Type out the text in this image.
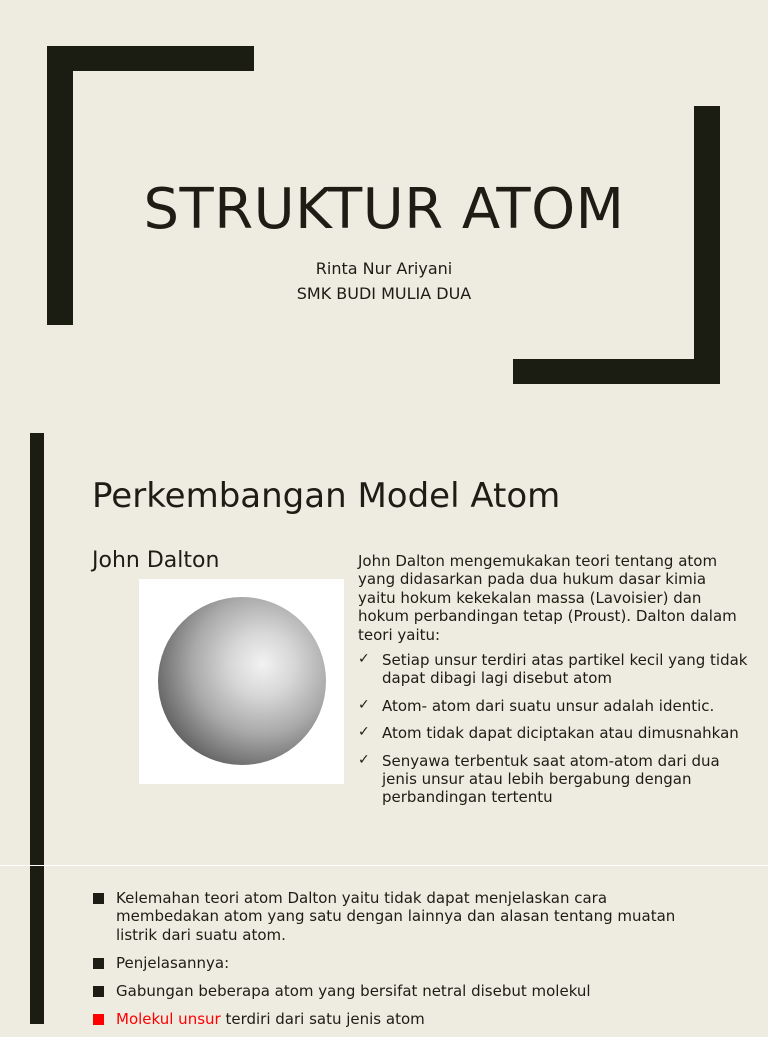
STRUKTUR ATOM
Rinta Nur Ariyani
SMK BUDI MULIA DUA
Perkembangan Model Atom
John Dalton	John Dalton mengemukakan teori tentang atom yang didasarkan pada dua hukum dasar kimia yaitu hokum kekekalan massa (Lavoisier) dan hokum perbandingan tetap (Proust). Dalton dalam teori yaitu:

✓ Setiap unsur terdiri atas partikel kecil yang tidak dapat dibagi lagi disebut atom
✓ Atom- atom dari suatu unsur adalah identic.
✓ Atom tidak dapat diciptakan atau dimusnahkan
✓ Senyawa terbentuk saat atom-atom dari dua jenis unsur atau lebih bergabung dengan perbandingan tertentu
Kelemahan teori atom Dalton yaitu tidak dapat menjelaskan cara membedakan atom yang satu dengan lainnya dan alasan tentang muatan listrik dari suatu atom.
Penjelasannya:
Gabungan beberapa atom yang bersifat netral disebut molekul
Molekul unsur terdiri dari satu jenis atom
